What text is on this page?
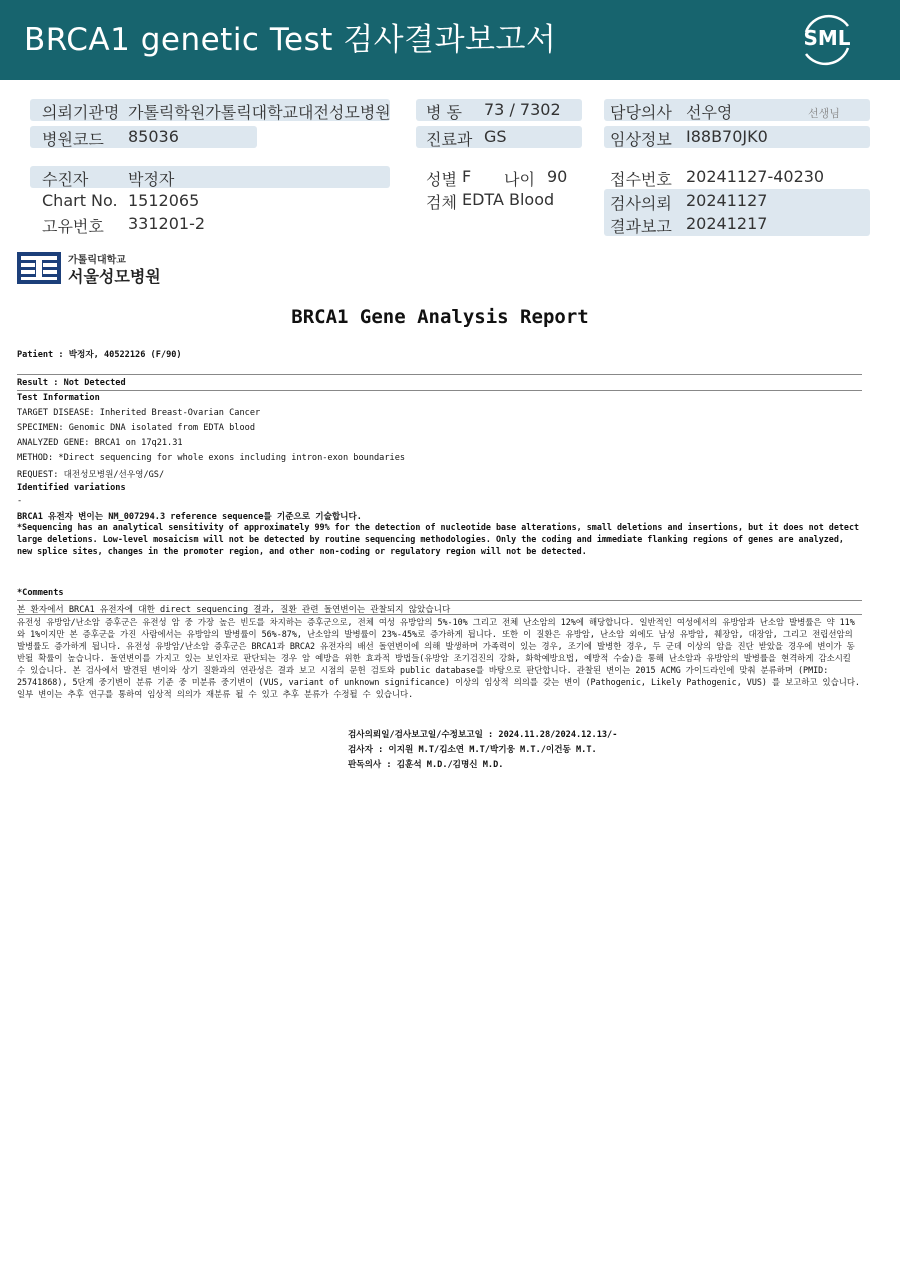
BRCA1 genetic Test 검사결과보고서	SML
의뢰기관명 가톨릭학원가톨릭대학교대전성모병원
병원코드 85036
병 동 73 / 7302
진료과 GS
담당의사 선우영	선생님
임상정보 I88B70JK0
수진자 박정자
Chart No. 1512065
고유번호 331201-2
성별 F 나이 90
검체 EDTA Blood
접수번호 20241127-40230
검사의뢰 20241127
결과보고 20241217
가톨릭대학교
서울성모병원
BRCA1 Gene Analysis Report
Patient : 박정자, 40522126 (F/90)
Result : Not Detected
Test Information
TARGET DISEASE: Inherited Breast-Ovarian Cancer
SPECIMEN: Genomic DNA isolated from EDTA blood
ANALYZED GENE: BRCA1 on 17q21.31
METHOD: *Direct sequencing for whole exons including intron-exon boundaries
REQUEST: 대전성모병원/선우영/GS/
Identified variations
-
BRCA1 유전자 변이는 NM_007294.3 reference sequence를 기준으로 기술합니다.
*Sequencing has an analytical sensitivity of approximately 99% for the detection of nucleotide base alterations, small deletions and insertions, but it does not detect large deletions. Low-level mosaicism will not be detected by routine sequencing methodologies. Only the coding and immediate flanking regions of genes are analyzed, new splice sites, changes in the promoter region, and other non-coding or regulatory region will not be detected.
*Comments
본 환자에서 BRCA1 유전자에 대한 direct sequencing 결과, 질환 관련 돌연변이는 관찰되지 않았습니다
유전성 유방암/난소암 증후군은 유전성 암 중 가장 높은 빈도를 차지하는 증후군으로, 전체 여성 유방암의 5%-10% 그리고 전체 난소암의 12%에 해당합니다. 일반적인 여성에서의 유방암과 난소암 발병률은 약 11% 와 1%이지만 본 증후군을 가진 사람에서는 유방암의 발병률이 56%-87%, 난소암의 발병률이 23%-45%로 증가하게 됩니다. 또한 이 질환은 유방암, 난소암 외에도 남성 유방암, 췌장암, 대장암, 그리고 전립선암의 발병률도 증가하게 됩니다. 유전성 유방암/난소암 증후군은 BRCA1과 BRCA2 유전자의 배선 돌연변이에 의해 발생하며 가족력이 있는 경우, 조기에 발병한 경우, 두 군데 이상의 암을 진단 받았을 경우에 변이가 동반될 확률이 높습니다. 돌연변이를 가지고 있는 보인자로 판단되는 경우 암 예방을 위한 효과적 방법들(유방암 조기검진의 강화, 화학예방요법, 예방적 수술)을 통해 난소암과 유방암의 발병률을 현격하게 감소시킬 수 있습니다. 본 검사에서 발견된 변이와 상기 질환과의 연관성은 결과 보고 시점의 문헌 검토와 public database를 바탕으로 판단합니다. 관찰된 변이는 2015 ACMG 가이드라인에 맞춰 분류하며 (PMID: 25741868), 5단계 중기변이 분류 기준 중 미분류 중기변이 (VUS, variant of unknown significance) 이상의 임상적 의의를 갖는 변이 (Pathogenic, Likely Pathogenic, VUS) 를 보고하고 있습니다. 일부 변이는 추후 연구를 통하여 임상적 의의가 재분류 될 수 있고 추후 분류가 수정될 수 있습니다.
검사의뢰일/검사보고일/수정보고일 : 2024.11.28/2024.12.13/-
검사자 : 이지원 M.T/김소연 M.T/박기웅 M.T./이건동 M.T.
판독의사 : 김훈석 M.D./김명신 M.D.
